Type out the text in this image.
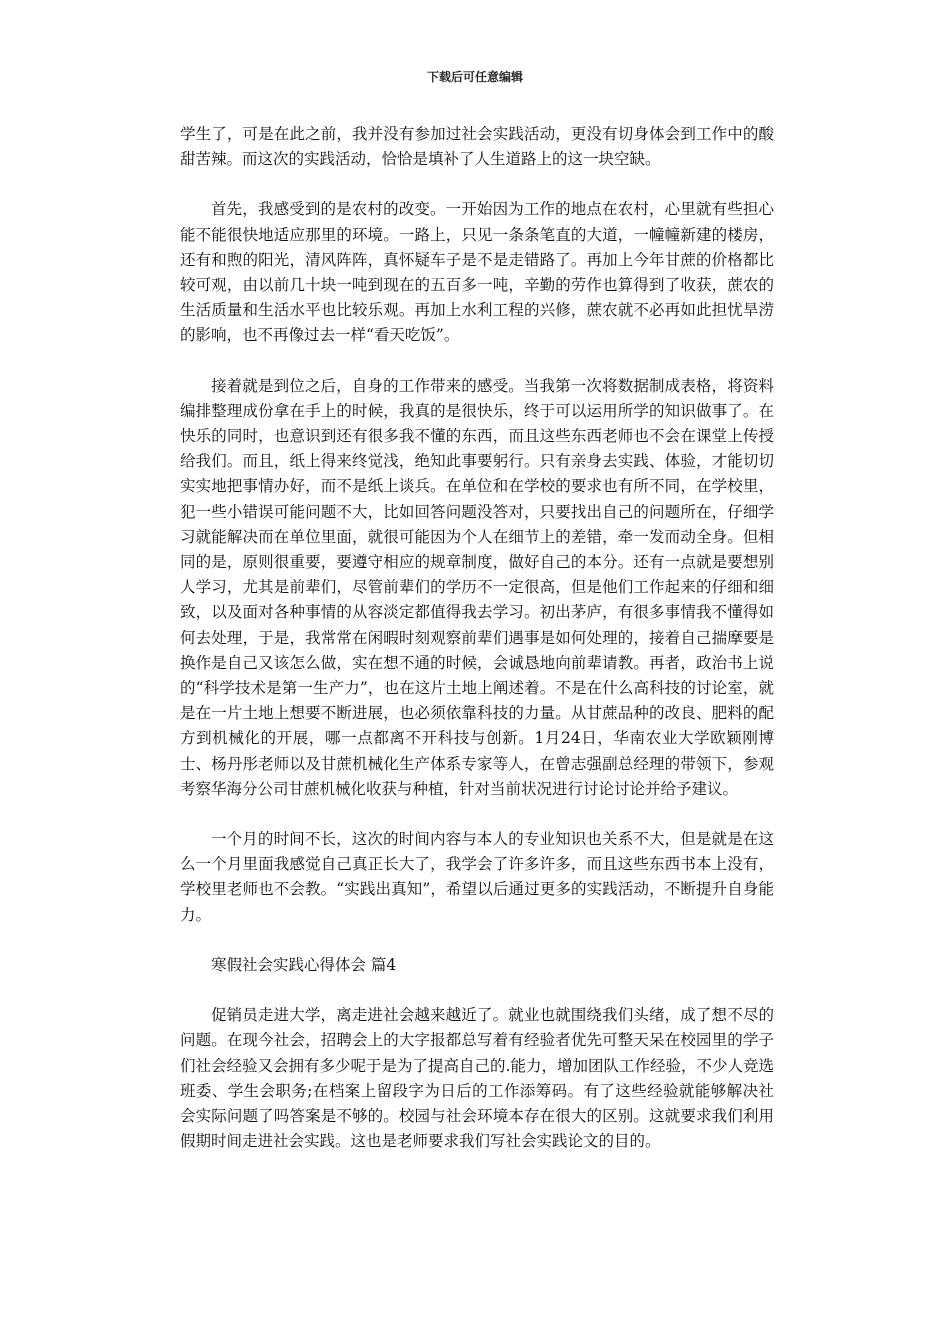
下载后可任意编辑

学生了，可是在此之前，我并没有参加过社会实践活动，更没有切身体会到工作中的酸甜苦辣。而这次的实践活动，恰恰是填补了人生道路上的这一块空缺。

首先，我感受到的是农村的改变。一开始因为工作的地点在农村，心里就有些担心能不能很快地适应那里的环境。一路上，只见一条条笔直的大道，一幢幢新建的楼房，还有和煦的阳光，清风阵阵，真怀疑车子是不是走错路了。再加上今年甘蔗的价格都比较可观，由以前几十块一吨到现在的五百多一吨，辛勤的劳作也算得到了收获，蔗农的生活质量和生活水平也比较乐观。再加上水利工程的兴修，蔗农就不必再如此担忧旱涝的影响，也不再像过去一样“看天吃饭”。

接着就是到位之后，自身的工作带来的感受。当我第一次将数据制成表格，将资料编排整理成份拿在手上的时候，我真的是很快乐，终于可以运用所学的知识做事了。在快乐的同时，也意识到还有很多我不懂的东西，而且这些东西老师也不会在课堂上传授给我们。而且，纸上得来终觉浅，绝知此事要躬行。只有亲身去实践、体验，才能切切实实地把事情办好，而不是纸上谈兵。在单位和在学校的要求也有所不同，在学校里，犯一些小错误可能问题不大，比如回答问题没答对，只要找出自己的问题所在，仔细学习就能解决而在单位里面，就很可能因为个人在细节上的差错，牵一发而动全身。但相同的是，原则很重要，要遵守相应的规章制度，做好自己的本分。还有一点就是要想别人学习，尤其是前辈们，尽管前辈们的学历不一定很高，但是他们工作起来的仔细和细致，以及面对各种事情的从容淡定都值得我去学习。初出茅庐，有很多事情我不懂得如何去处理，于是，我常常在闲暇时刻观察前辈们遇事是如何处理的，接着自己揣摩要是换作是自己又该怎么做，实在想不通的时候，会诚恳地向前辈请教。再者，政治书上说的“科学技术是第一生产力”，也在这片土地上阐述着。不是在什么高科技的讨论室，就是在一片土地上想要不断进展，也必须依靠科技的力量。从甘蔗品种的改良、肥料的配方到机械化的开展，哪一点都离不开科技与创新。1月24日，华南农业大学欧颖刚博士、杨丹彤老师以及甘蔗机械化生产体系专家等人，在曾志强副总经理的带领下，参观考察华海分公司甘蔗机械化收获与种植，针对当前状况进行讨论讨论并给予建议。

一个月的时间不长，这次的时间内容与本人的专业知识也关系不大，但是就是在这么一个月里面我感觉自己真正长大了，我学会了许多许多，而且这些东西书本上没有，学校里老师也不会教。“实践出真知”，希望以后通过更多的实践活动，不断提升自身能力。

寒假社会实践心得体会 篇4

促销员走进大学，离走进社会越来越近了。就业也就围绕我们头绪，成了想不尽的问题。在现今社会，招聘会上的大字报都总写着有经验者优先可整天呆在校园里的学子们社会经验又会拥有多少呢于是为了提高自己的.能力，增加团队工作经验，不少人竞选班委、学生会职务;在档案上留段字为日后的工作添筹码。有了这些经验就能够解决社会实际问题了吗答案是不够的。校园与社会环境本存在很大的区别。这就要求我们利用假期时间走进社会实践。这也是老师要求我们写社会实践论文的目的。
